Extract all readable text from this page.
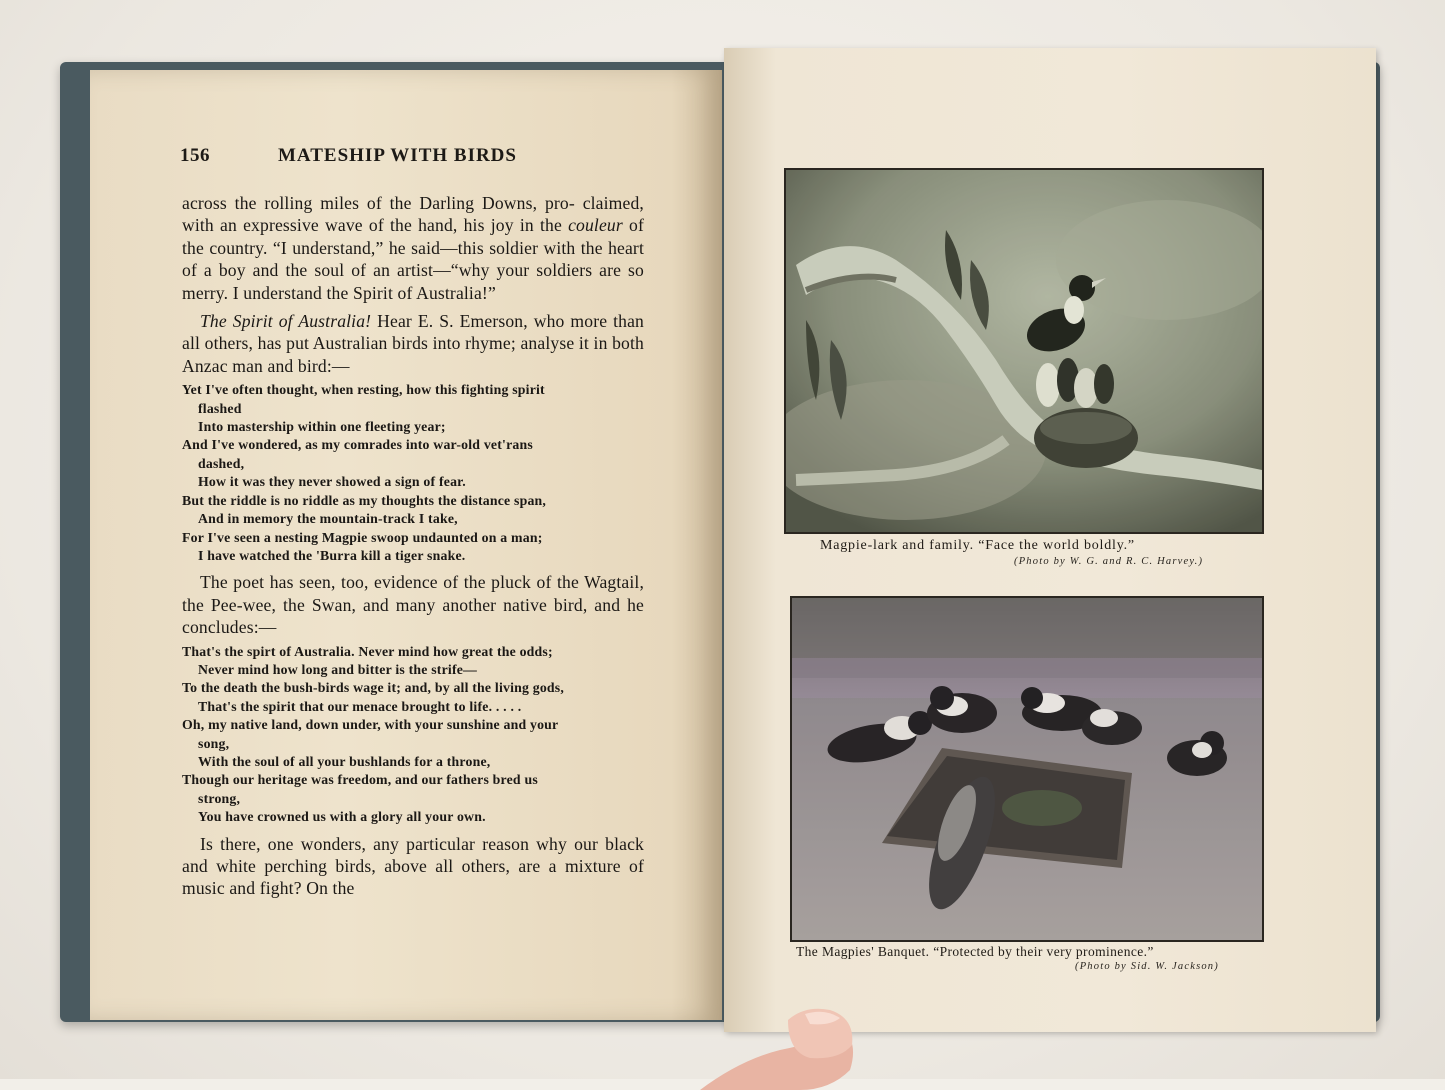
156	MATESHIP WITH BIRDS

across the rolling miles of the Darling Downs, pro- claimed, with an expressive wave of the hand, his joy in the couleur of the country. “I understand,” he said—this soldier with the heart of a boy and the soul of an artist—“why your soldiers are so merry. I understand the Spirit of Australia!”

The Spirit of Australia! Hear E. S. Emerson, who more than all others, has put Australian birds into rhyme; analyse it in both Anzac man and bird:—

Yet I've often thought, when resting, how this fighting spirit
flashed
Into mastership within one fleeting year;
And I've wondered, as my comrades into war-old vet'rans
dashed,
How it was they never showed a sign of fear.
But the riddle is no riddle as my thoughts the distance span,
And in memory the mountain-track I take,
For I've seen a nesting Magpie swoop undaunted on a man;
I have watched the 'Burra kill a tiger snake.

The poet has seen, too, evidence of the pluck of the Wagtail, the Pee-wee, the Swan, and many another native bird, and he concludes:—

That's the spirt of Australia. Never mind how great the odds;
Never mind how long and bitter is the strife—
To the death the bush-birds wage it; and, by all the living gods,
That's the spirit that our menace brought to life. . . . .
Oh, my native land, down under, with your sunshine and your
song,
With the soul of all your bushlands for a throne,
Though our heritage was freedom, and our fathers bred us
strong,
You have crowned us with a glory all your own.

Is there, one wonders, any particular reason why our black and white perching birds, above all others, are a mixture of music and fight? On the

Magpie-lark and family. “Face the world boldly.”
(Photo by W. G. and R. C. Harvey.)
The Magpies' Banquet. “Protected by their very prominence.”
(Photo by Sid. W. Jackson)
